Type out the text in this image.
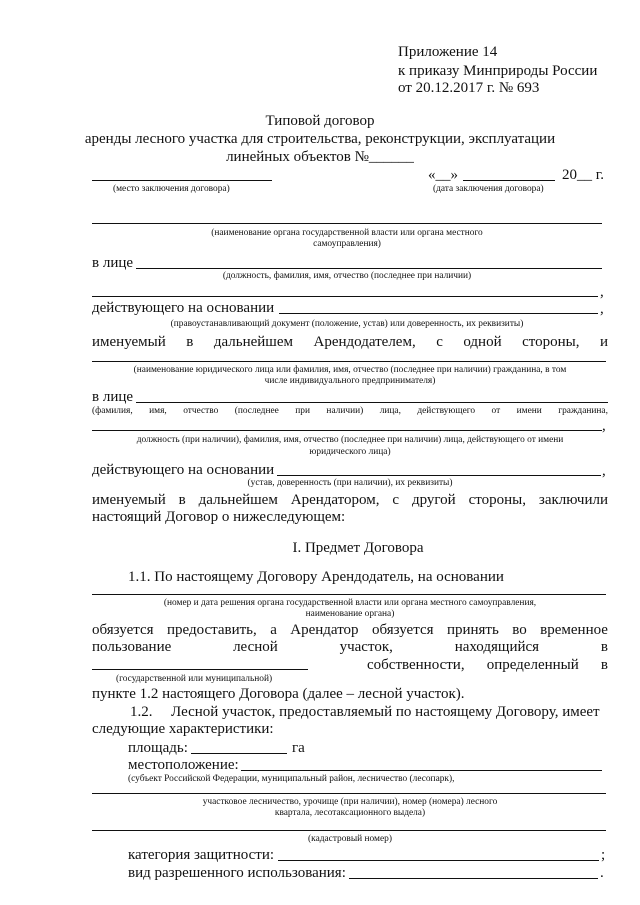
Приложение 14
к приказу Минприроды России
от 20.12.2017 г. № 693
Типовой договор
аренды лесного участка для строительства, реконструкции, эксплуатации
линейных объектов №______
«__»	20__ г.
(место заключения договора)	(дата заключения договора)
(наименование органа государственной власти или органа местного
самоуправления)
в лице
(должность, фамилия, имя, отчество (последнее при наличии)
,
действующего на основании	,
(правоустанавливающий документ (положение, устав) или доверенность, их реквизиты)
именуемый в дальнейшем Арендодателем, с одной стороны, и
(наименование юридического лица или фамилия, имя, отчество (последнее при наличии) гражданина, в том
числе индивидуального предпринимателя)
в лице
(фамилия, имя, отчество (последнее при наличии) лица, действующего от имени гражданина,
,
должность (при наличии), фамилия, имя, отчество (последнее при наличии) лица, действующего от имени
юридического лица)
действующего на основании	,
(устав, доверенность (при наличии), их реквизиты)
именуемый в дальнейшем Арендатором, с другой стороны, заключили
настоящий Договор о нижеследующем:
I. Предмет Договора
1.1. По настоящему Договору Арендодатель, на основании
(номер и дата решения органа государственной власти или органа местного самоуправления,
наименование органа)
обязуется предоставить, а Арендатор обязуется принять во временное
пользование	лесной	участок,	находящийся	в
собственности, определенный в
(государственной или муниципальной)
пункте 1.2 настоящего Договора (далее – лесной участок).
1.2. Лесной участок, предоставляемый по настоящему Договору, имеет
следующие характеристики:
площадь:	га
местоположение:
(субъект Российской Федерации, муниципальный район, лесничество (лесопарк),
участковое лесничество, урочище (при наличии), номер (номера) лесного
квартала, лесотаксационного выдела)
(кадастровый номер)
категория защитности:	;
вид разрешенного использования:	.
